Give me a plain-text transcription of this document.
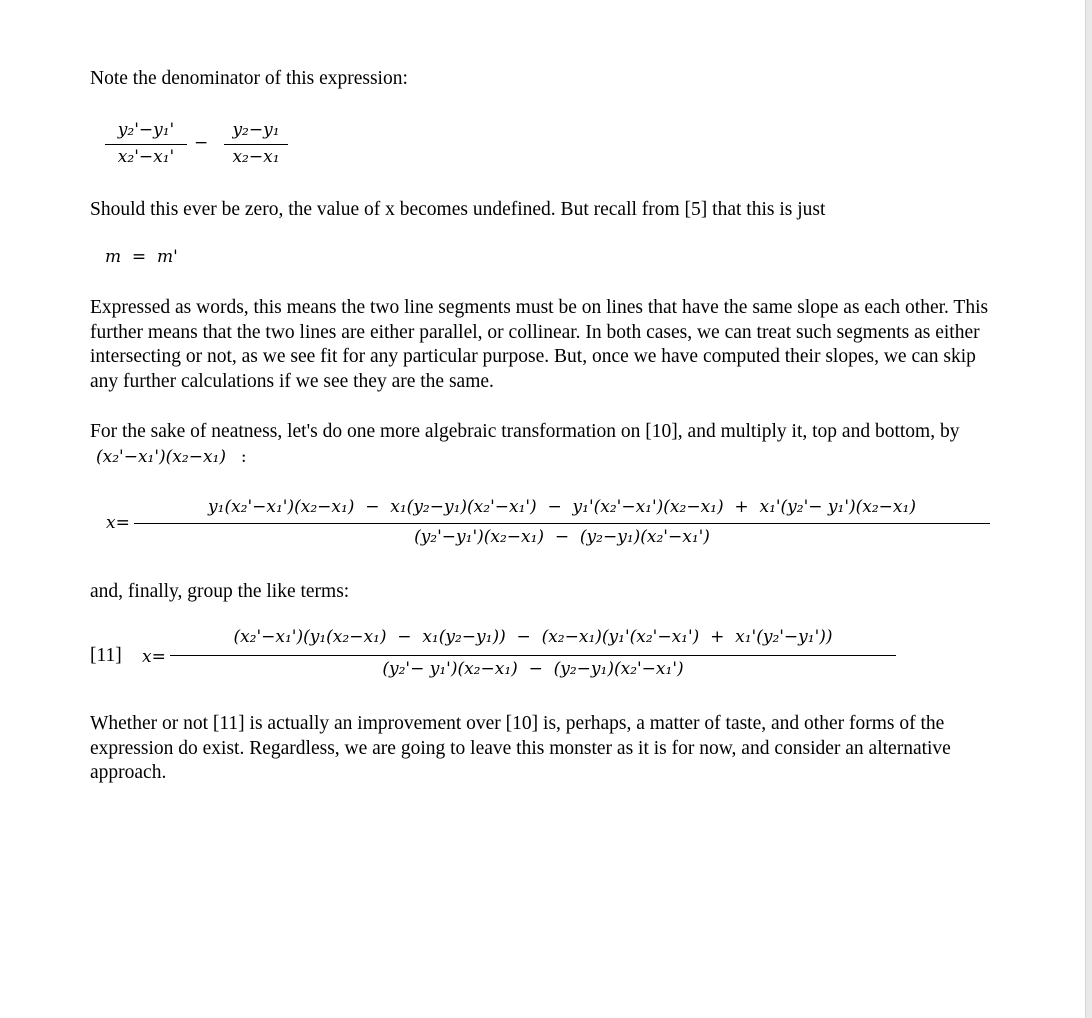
Note the denominator of this expression:
y₂'−y₁'
x₂'−x₁'
−
y₂−y₁
x₂−x₁
Should this ever be zero, the value of x becomes undefined. But recall from [5] that this is just
m  =  m'
Expressed as words, this means the two line segments must be on lines that have the same slope as each other. This further means that the two lines are either parallel, or collinear. In both cases, we can treat such segments as either intersecting or not, as we see fit for any particular purpose. But, once we have computed their slopes, we can skip any further calculations if we see they are the same.
For the sake of neatness, let's do one more algebraic transformation on [10], and multiply it, top and bottom, by (x₂'−x₁')(x₂−x₁) :
x=
y₁(x₂'−x₁')(x₂−x₁)  −  x₁(y₂−y₁)(x₂'−x₁')  −  y₁'(x₂'−x₁')(x₂−x₁)  +  x₁'(y₂'− y₁')(x₂−x₁)
(y₂'−y₁')(x₂−x₁)  −  (y₂−y₁)(x₂'−x₁')
and, finally, group the like terms:
[11] x=
(x₂'−x₁')(y₁(x₂−x₁)  −  x₁(y₂−y₁))  −  (x₂−x₁)(y₁'(x₂'−x₁')  +  x₁'(y₂'−y₁'))
(y₂'− y₁')(x₂−x₁)  −  (y₂−y₁)(x₂'−x₁')
Whether or not [11] is actually an improvement over [10] is, perhaps, a matter of taste, and other forms of the expression do exist. Regardless, we are going to leave this monster as it is for now, and consider an alternative approach.
